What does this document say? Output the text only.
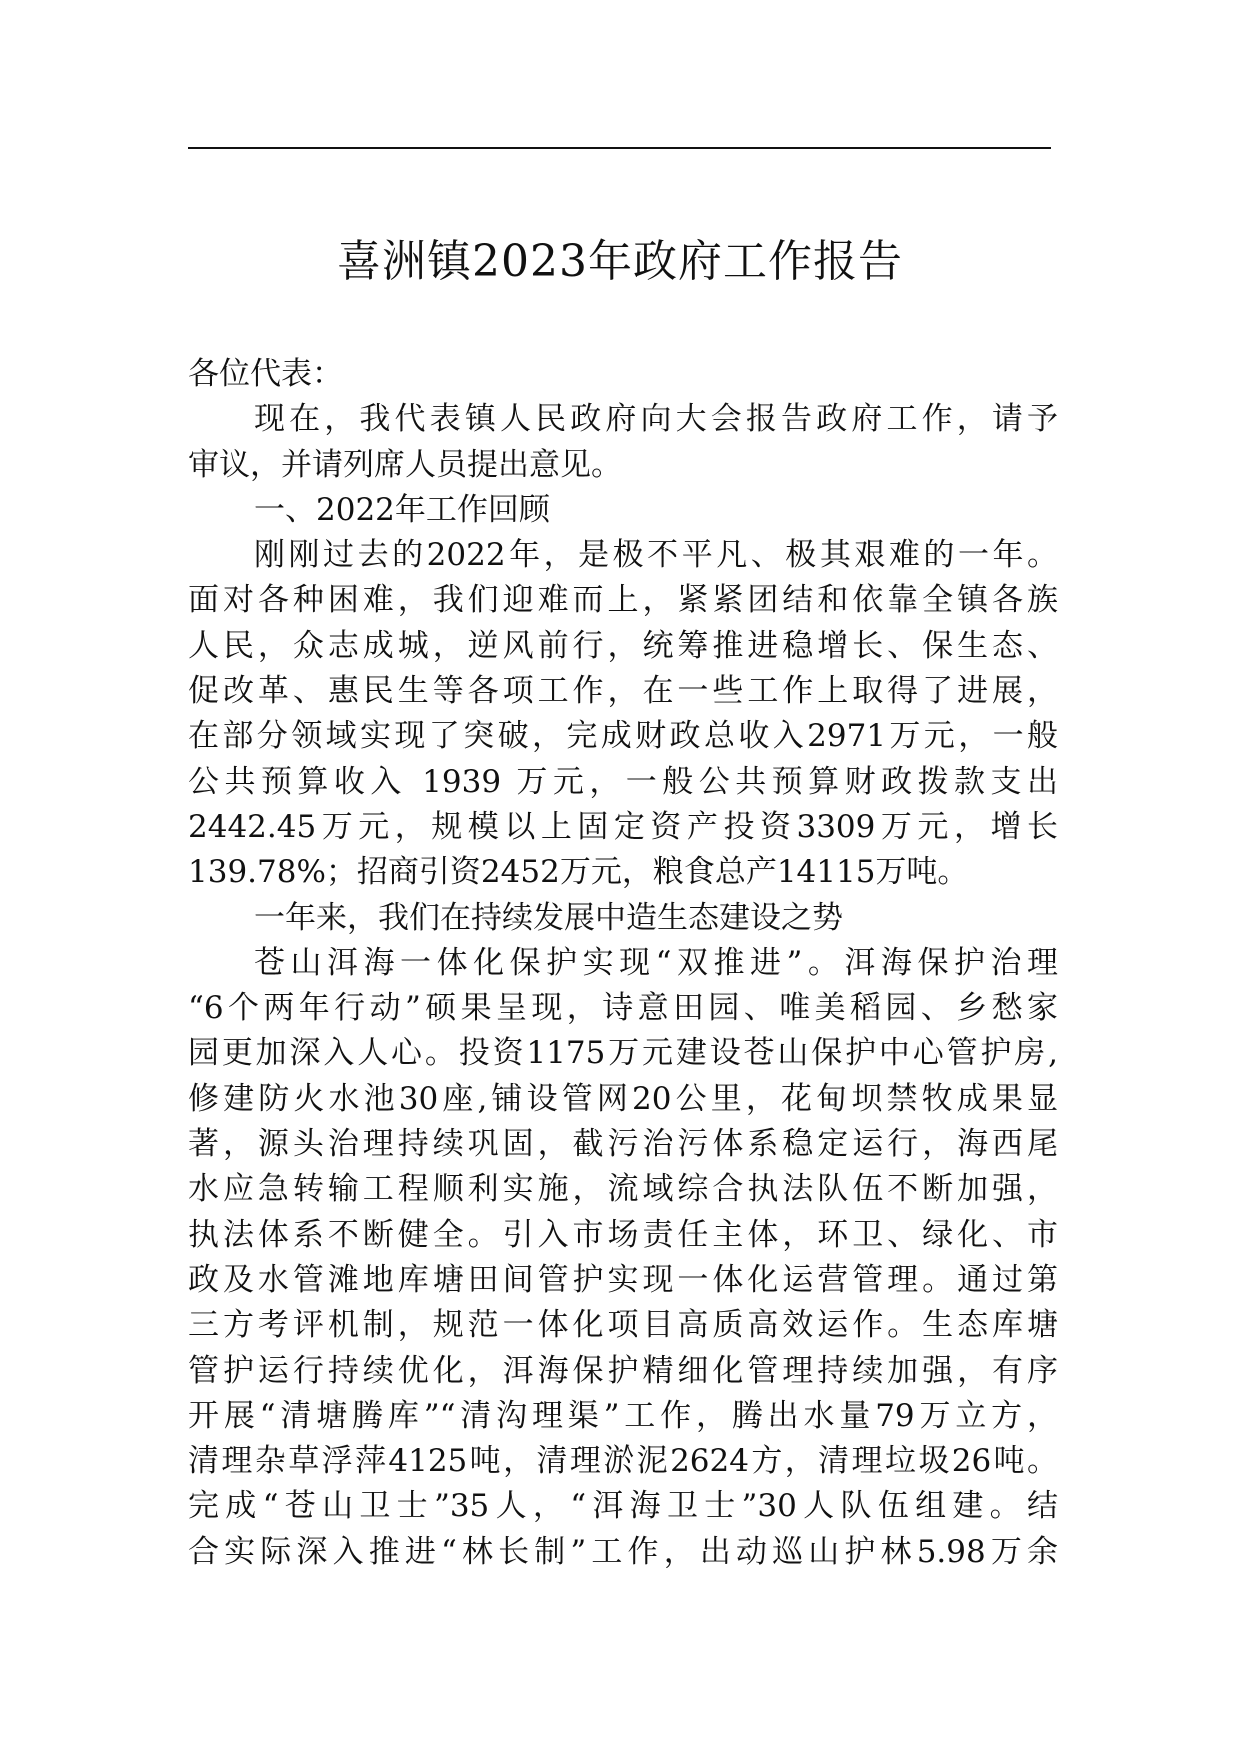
喜洲镇2023年政府工作报告
各位代表：
现在，我代表镇人民政府向大会报告政府工作，请予
审议，并请列席人员提出意见。
一、2022年工作回顾
刚刚过去的2022年，是极不平凡、极其艰难的一年。
面对各种困难，我们迎难而上，紧紧团结和依靠全镇各族
人民，众志成城，逆风前行，统筹推进稳增长、保生态、
促改革、惠民生等各项工作，在一些工作上取得了进展，
在部分领域实现了突破，完成财政总收入2971万元，一般
公共预算收入 1939 万元，一般公共预算财政拨款支出
2442.45万元，规模以上固定资产投资3309万元，增长
139.78%；招商引资2452万元，粮食总产14115万吨。
一年来，我们在持续发展中造生态建设之势
苍山洱海一体化保护实现“双推进”。洱海保护治理
“6个两年行动”硕果呈现，诗意田园、唯美稻园、乡愁家
园更加深入人心。投资1175万元建设苍山保护中心管护房,
修建防火水池30座,铺设管网20公里，花甸坝禁牧成果显
著，源头治理持续巩固，截污治污体系稳定运行，海西尾
水应急转输工程顺利实施，流域综合执法队伍不断加强，
执法体系不断健全。引入市场责任主体，环卫、绿化、市
政及水管滩地库塘田间管护实现一体化运营管理。通过第
三方考评机制，规范一体化项目高质高效运作。生态库塘
管护运行持续优化，洱海保护精细化管理持续加强，有序
开展“清塘腾库”“清沟理渠”工作，腾出水量79万立方，
清理杂草浮萍4125吨，清理淤泥2624方，清理垃圾26吨。
完成“苍山卫士”35人，“洱海卫士”30人队伍组建。结
合实际深入推进“林长制”工作，出动巡山护林5.98万余
